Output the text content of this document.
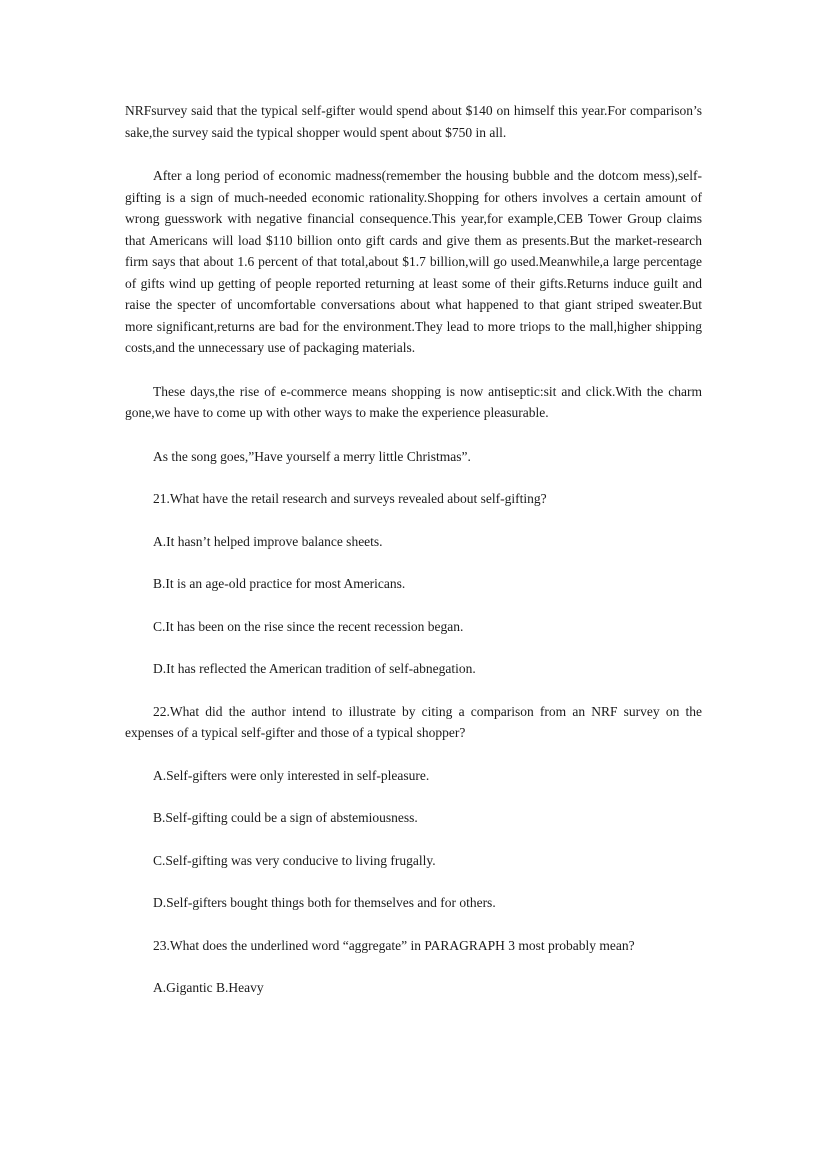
NRFsurvey said that the typical self-gifter would spend about $140 on himself this year.For comparison’s sake,the survey said the typical shopper would spent about $750 in all.

After a long period of economic madness(remember the housing bubble and the dotcom mess),self-gifting is a sign of much-needed economic rationality.Shopping for others involves a certain amount of wrong guesswork with negative financial consequence.This year,for example,CEB Tower Group claims that Americans will load $110 billion onto gift cards and give them as presents.But the market-research firm says that about 1.6 percent of that total,about $1.7 billion,will go used.Meanwhile,a large percentage of gifts wind up getting of people reported returning at least some of their gifts.Returns induce guilt and raise the specter of uncomfortable conversations about what happened to that giant striped sweater.But more significant,returns are bad for the environment.They lead to more triops to the mall,higher shipping costs,and the unnecessary use of packaging materials.

These days,the rise of e-commerce means shopping is now antiseptic:sit and click.With the charm gone,we have to come up with other ways to make the experience pleasurable.

As the song goes,”Have yourself a merry little Christmas”.

21.What have the retail research and surveys revealed about self-gifting?

A.It hasn’t helped improve balance sheets.

B.It is an age-old practice for most Americans.

C.It has been on the rise since the recent recession began.

D.It has reflected the American tradition of self-abnegation.

22.What did the author intend to illustrate by citing a comparison from an NRF survey on the expenses of a typical self-gifter and those of a typical shopper?

A.Self-gifters were only interested in self-pleasure.

B.Self-gifting could be a sign of abstemiousness.

C.Self-gifting was very conducive to living frugally.

D.Self-gifters bought things both for themselves and for others.

23.What does the underlined word “aggregate” in PARAGRAPH 3 most probably mean?

A.Gigantic B.Heavy
